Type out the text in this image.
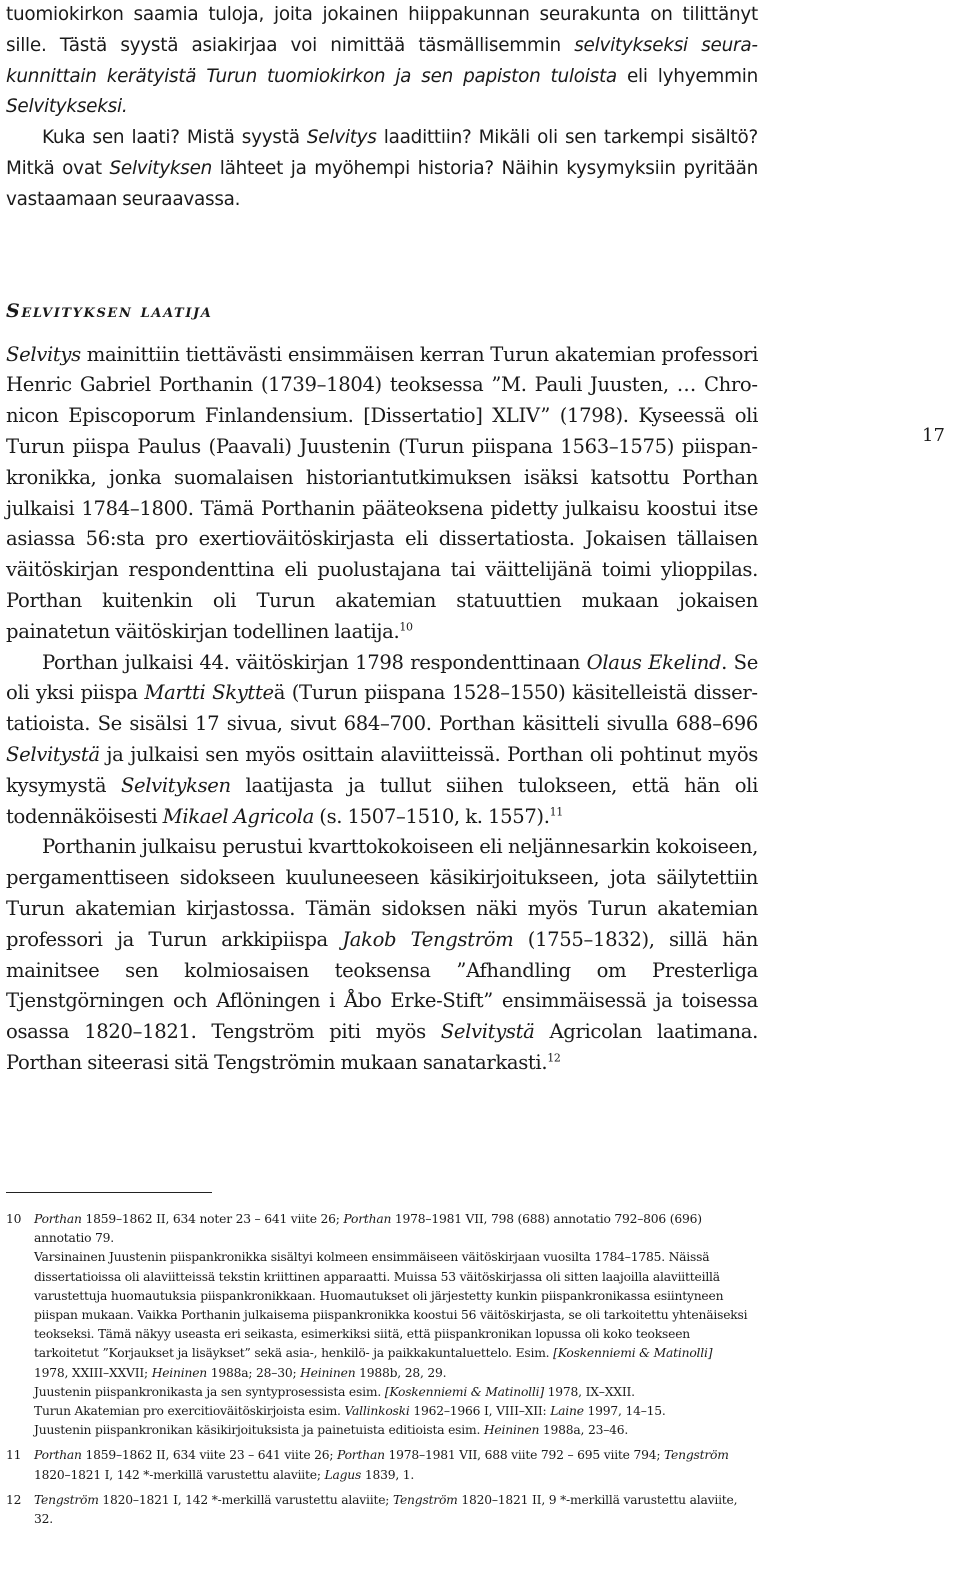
tuomiokirkon saamia tuloja, joita jokainen hiippakunnan seurakunta on tilittänyt sille. Tästä syystä asiakirjaa voi nimittää täsmällisemmin selvitykseksi seurakunnittain kerätyistä Turun tuomiokirkon ja sen papiston tuloista eli lyhyemmin Selvitykseksi.

Kuka sen laati? Mistä syystä Selvitys laadittiin? Mikäli oli sen tarkempi sisältö? Mitkä ovat Selvityksen lähteet ja myöhempi historia? Näihin kysymyksiin pyritään vastaamaan seuraavassa.

Selvityksen laatija

Selvitys mainittiin tiettävästi ensimmäisen kerran Turun akatemian professori Henric Gabriel Porthanin (1739–1804) teoksessa ”M. Pauli Juusten, … Chronicon Episcoporum Finlandensium. [Dissertatio] XLIV” (1798). Kyseessä oli Turun piispa Paulus (Paavali) Juustenin (Turun piispana 1563–1575) piispankronikka, jonka suomalaisen historiantutkimuksen isäksi katsottu Porthan julkaisi 1784–1800. Tämä Porthanin pääteoksena pidetty julkaisu koostui itse asiassa 56:sta pro exertioväitöskirjasta eli dissertatiosta. Jokaisen tällaisen väitöskirjan respondenttina eli puolustajana tai väittelijänä toimi ylioppilas. Porthan kuitenkin oli Turun akatemian statuuttien mukaan jokaisen painatetun väitöskirjan todellinen laatija.$^{10}$

Porthan julkaisi 44. väitöskirjan 1798 respondenttinaan Olaus Ekelind. Se oli yksi piispa Martti Skytteä (Turun piispana 1528–1550) käsitelleistä dissertatioista. Se sisälsi 17 sivua, sivut 684–700. Porthan käsitteli sivulla 688–696 Selvitystä ja julkaisi sen myös osittain alaviitteissä. Porthan oli pohtinut myös kysymystä Selvityksen laatijasta ja tullut siihen tulokseen, että hän oli todennäköisesti Mikael Agricola (s. 1507–1510, k. 1557).$^{11}$

Porthanin julkaisu perustui kvarttokokoiseen eli neljännesarkin kokoiseen, pergamenttiseen sidokseen kuuluneeseen käsikirjoitukseen, jota säilytettiin Turun akatemian kirjastossa. Tämän sidoksen näki myös Turun akatemian professori ja Turun arkkipiispa Jakob Tengström (1755–1832), sillä hän mainitsee sen kolmiosaisen teoksensa ”Afhandling om Presterliga Tjenstgörningen och Aflöningen i Åbo Erke-Stift” ensimmäisessä ja toisessa osassa 1820–1821. Tengström piti myös Selvitystä Agricolan laatimana. Porthan siteerasi sitä Tengströmin mukaan sanatarkasti.$^{12}$

17
10	Porthan 1859–1862 II, 634 noter 23 – 641 viite 26; Porthan 1978–1981 VII, 798 (688) annotatio 792–806 (696) annotatio 79.
Varsinainen Juustenin piispankronikka sisältyi kolmeen ensimmäiseen väitöskirjaan vuosilta 1784–1785. Näissä dissertatioissa oli alaviitteissä tekstin kriittinen apparaatti. Muissa 53 väitöskirjassa oli sitten laajoilla alaviitteillä varustettuja huomautuksia piispankronikkaan. Huomautukset oli järjestetty kunkin piispankronikassa esiintyneen piispan mukaan. Vaikka Porthanin julkaisema piispankronikka koostui 56 väitöskirjasta, se oli tarkoitettu yhtenäiseksi teokseksi. Tämä näkyy useasta eri seikasta, esimerkiksi siitä, että piispankronikan lopussa oli koko teokseen tarkoitetut ”Korjaukset ja lisäykset” sekä asia-, henkilö- ja paikkakuntaluettelo. Esim. [Koskenniemi & Matinolli] 1978, XXIII–XXVII; Heininen 1988a; 28–30; Heininen 1988b, 28, 29.
Juustenin piispankronikasta ja sen syntyprosessista esim. [Koskenniemi & Matinolli] 1978, IX–XXII.
Turun Akatemian pro exercitioväitöskirjoista esim. Vallinkoski 1962–1966 I, VIII–XII: Laine 1997, 14–15.
Juustenin piispankronikan käsikirjoituksista ja painetuista editioista esim. Heininen 1988a, 23–46.
11	Porthan 1859–1862 II, 634 viite 23 – 641 viite 26; Porthan 1978–1981 VII, 688 viite 792 – 695 viite 794; Tengström 1820–1821 I, 142 *-merkillä varustettu alaviite; Lagus 1839, 1.
12	Tengström 1820–1821 I, 142 *-merkillä varustettu alaviite; Tengström 1820–1821 II, 9 *-merkillä varustettu alaviite, 32.
